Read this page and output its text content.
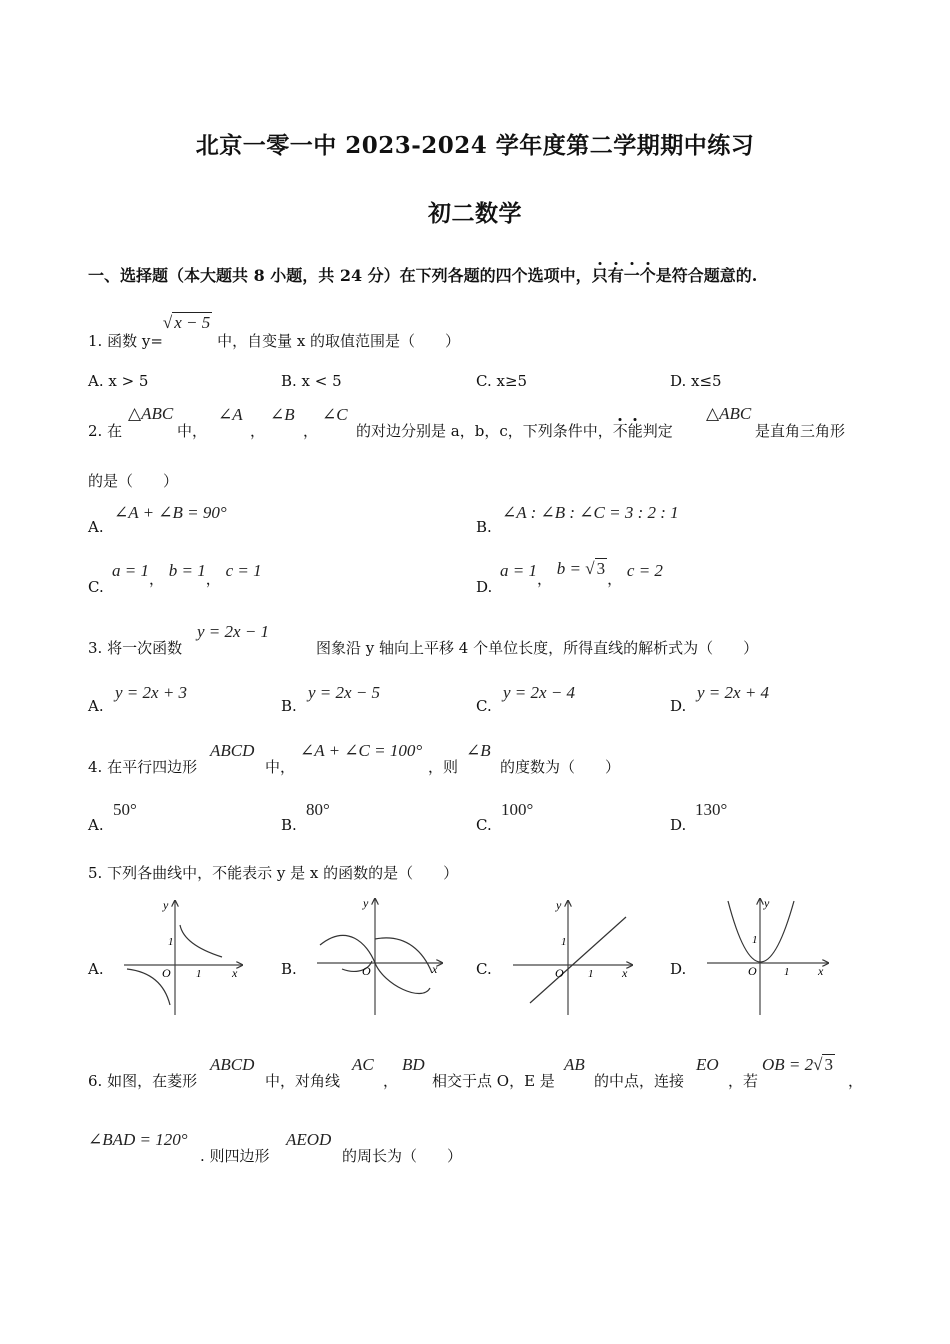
北京一零一中 2023-2024 学年度第二学期期中练习
初二数学
一、选择题（本大题共 8 小题，共 24 分）在下列各题的四个选项中，只有一个是符合题意的.
1. 函数 y=√ x − 5 中，自变量 x 的取值范围是（　　）
A. x > 5	B. x < 5	C. x≥5	D. x≤5
2. 在
△ABC
中，
∠A
，
∠B
，
∠C
的对边分别是 a，b，c，下列条件中，不能判定
△ABC
是直角三角形
的是（　　）
A.
∠A + ∠B = 90°
B.
∠A : ∠B : ∠C = 3 : 2 : 1
C.
a = 1， b = 1， c = 1
D.
a = 1， b = √ 3， c = 2
3. 将一次函数
y = 2x − 1
图象沿 y 轴向上平移 4 个单位长度，所得直线的解析式为（　　）
A.
y = 2x + 3
B.
y = 2x − 5
C.
y = 2x − 4
D.
y = 2x + 4
4. 在平行四边形
ABCD
中，
∠A + ∠C = 100°
，则
∠B
的度数为（　　）
A.
50°
B.
80°
C.
100°
D.
130°
5. 下列各曲线中，不能表示 y 是 x 的函数的是（　　）
A.	B.	C.	D.
x
y
O
1
1	x
y
O	x
y
O
1
1	x
y
O
1
1
6. 如图，在菱形
ABCD
中，对角线
AC
，
BD
相交于点 O，E 是
AB
的中点，连接
EO
，若
OB = 2√ 3
，
∠BAD = 120°
. 则四边形
AEOD
的周长为（　　）
